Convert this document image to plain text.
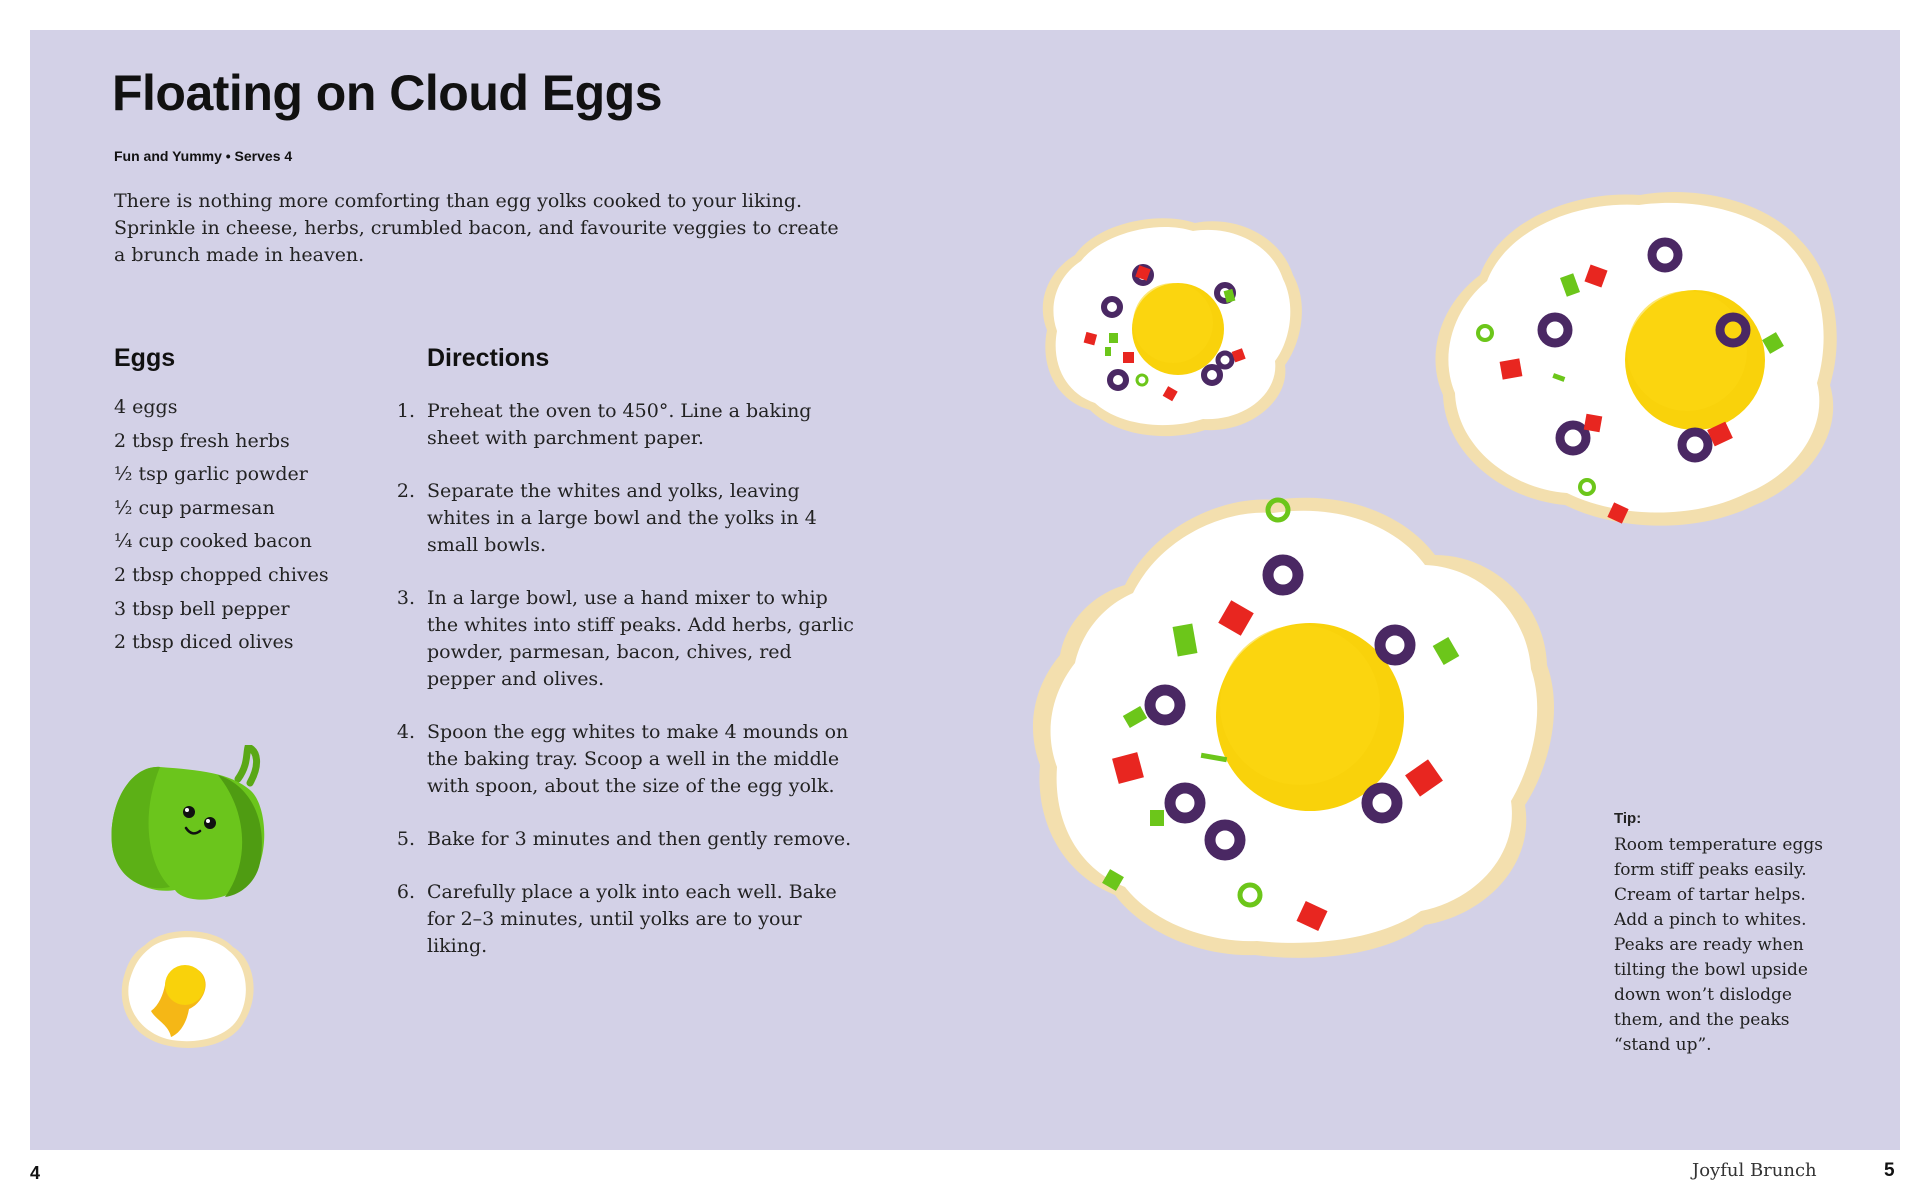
Floating on Cloud Eggs
Fun and Yummy • Serves 4

There is nothing more comforting than egg yolks cooked to your liking. Sprinkle in cheese, herbs, crumbled bacon, and favourite veggies to create a brunch made in heaven.

Eggs
4 eggs
2 tbsp fresh herbs
½ tsp garlic powder
½ cup parmesan
¼ cup cooked bacon
2 tbsp chopped chives
3 tbsp bell pepper
2 tbsp diced olives
Directions
1. Preheat the oven to 450°. Line a baking sheet with parchment paper.
2. Separate the whites and yolks, leaving whites in a large bowl and the yolks in 4 small bowls.
3. In a large bowl, use a hand mixer to whip the whites into stiff peaks. Add herbs, garlic powder, parmesan, bacon, chives, red pepper and olives.
4. Spoon the egg whites to make 4 mounds on the baking tray. Scoop a well in the middle with spoon, about the size of the egg yolk.
5. Bake for 3 minutes and then gently remove.
6. Carefully place a yolk into each well. Bake for 2–3 minutes, until yolks are to your liking.
Tip:
Room temperature eggs form stiff peaks easily. Cream of tartar helps. Add a pinch to whites. Peaks are ready when tilting the bowl upside down won’t dislodge them, and the peaks “stand up”.
4	Joyful Brunch	5
